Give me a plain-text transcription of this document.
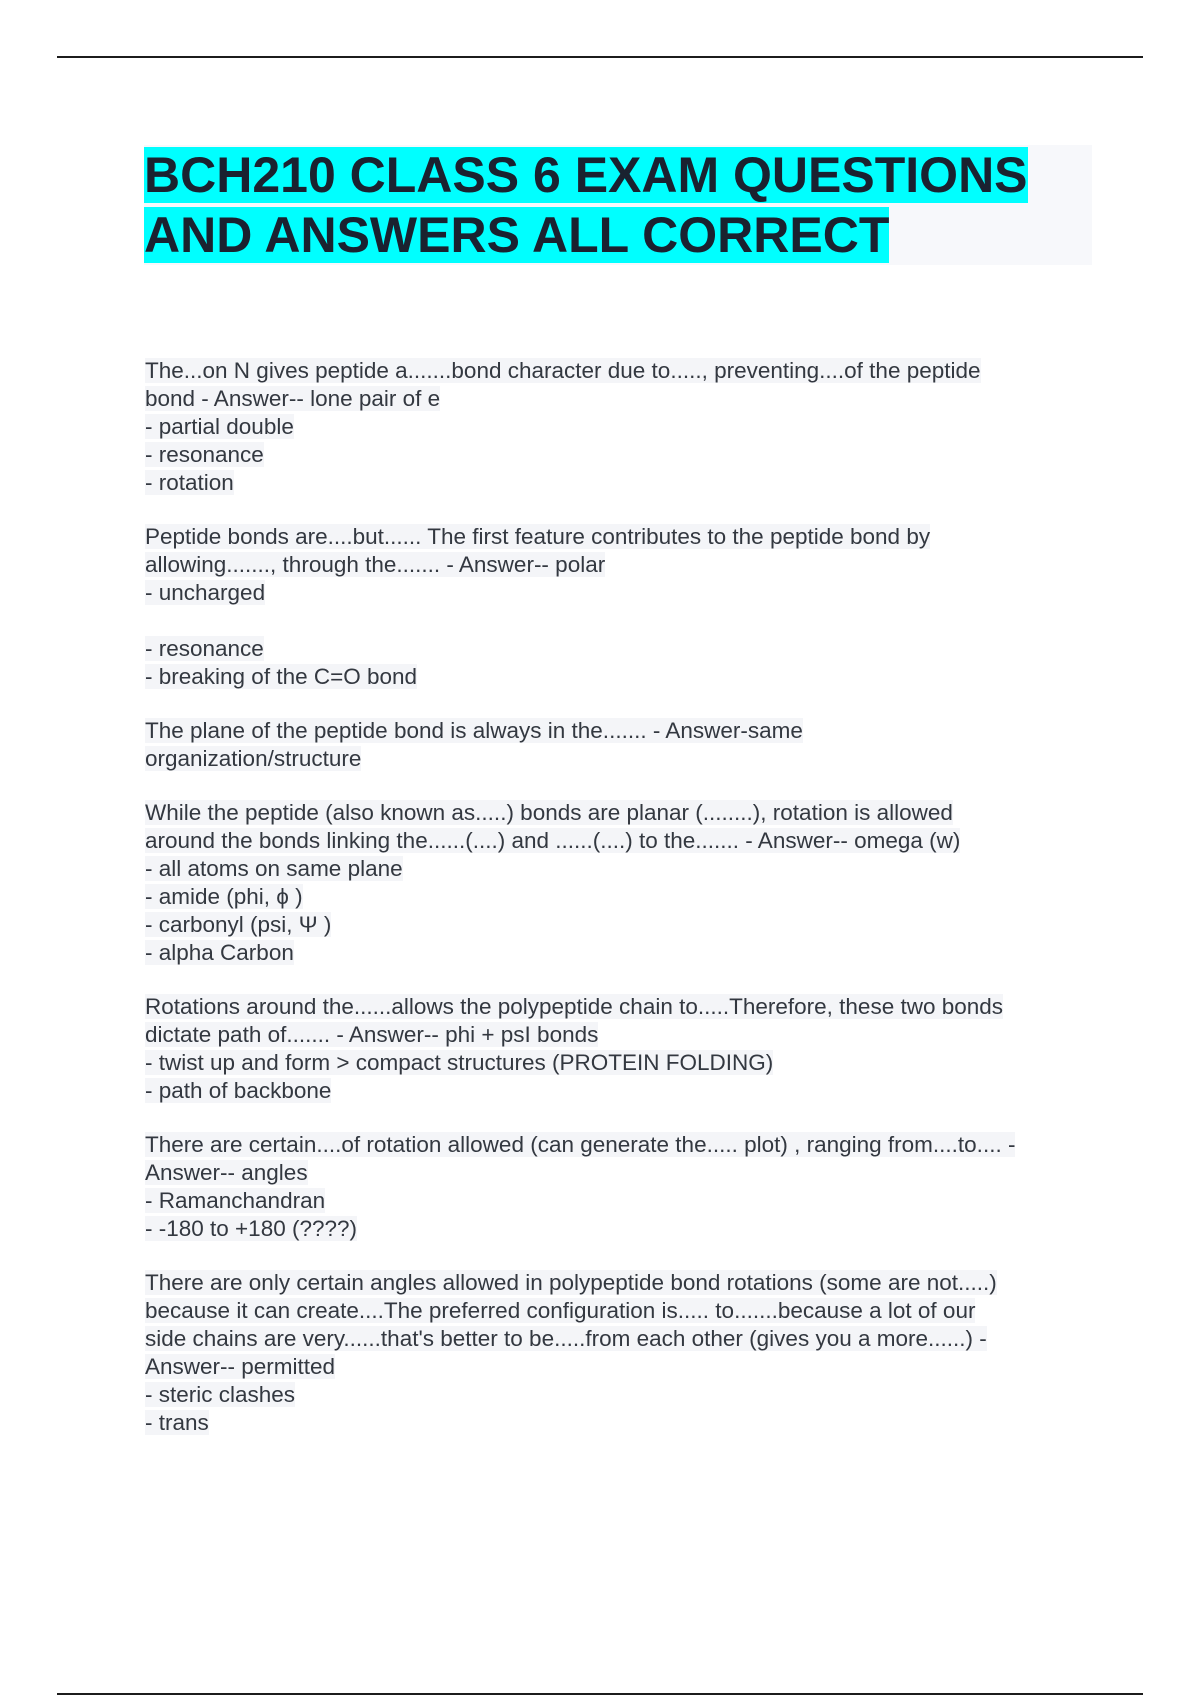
BCH210 CLASS 6 EXAM QUESTIONS
AND ANSWERS ALL CORRECT
The...on N gives peptide a.......bond character due to....., preventing....of the peptide
bond - Answer-- lone pair of e
- partial double
- resonance
- rotation
Peptide bonds are....but...... The first feature contributes to the peptide bond by
allowing......., through the....... - Answer-- polar
- uncharged
- resonance
- breaking of the C=O bond
The plane of the peptide bond is always in the....... - Answer-same
organization/structure
While the peptide (also known as.....) bonds are planar (........), rotation is allowed
around the bonds linking the......(....) and ......(....) to the....... - Answer-- omega (w)
- all atoms on same plane
- amide (phi, ϕ )
- carbonyl (psi, Ψ )
- alpha Carbon
Rotations around the......allows the polypeptide chain to.....Therefore, these two bonds
dictate path of....... - Answer-- phi + psI bonds
- twist up and form > compact structures (PROTEIN FOLDING)
- path of backbone
There are certain....of rotation allowed (can generate the..... plot) , ranging from....to.... -
Answer-- angles
- Ramanchandran
- -180 to +180 (????)
There are only certain angles allowed in polypeptide bond rotations (some are not.....)
because it can create....The preferred configuration is..... to.......because a lot of our
side chains are very......that's better to be.....from each other (gives you a more......) -
Answer-- permitted
- steric clashes
- trans
